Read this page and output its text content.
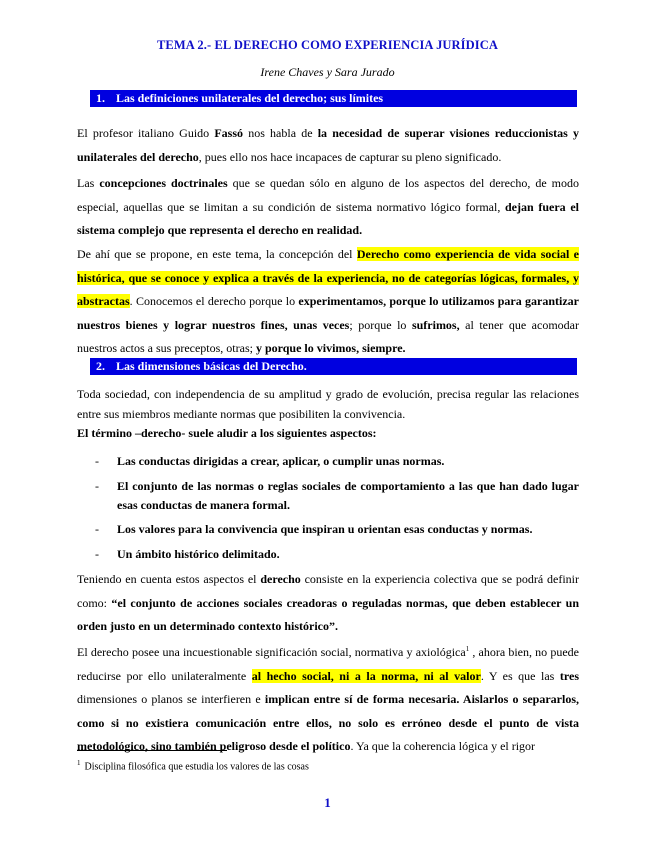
TEMA 2.- EL DERECHO COMO EXPERIENCIA JURÍDICA
Irene Chaves y Sara Jurado
1. Las definiciones unilaterales del derecho; sus límites

El profesor italiano Guido Fassó nos habla de la necesidad de superar visiones reduccionistas y unilaterales del derecho, pues ello nos hace incapaces de capturar su pleno significado.

Las concepciones doctrinales que se quedan sólo en alguno de los aspectos del derecho, de modo especial, aquellas que se limitan a su condición de sistema normativo lógico formal, dejan fuera el sistema complejo que representa el derecho en realidad.

De ahí que se propone, en este tema, la concepción del Derecho como experiencia de vida social e histórica, que se conoce y explica a través de la experiencia, no de categorías lógicas, formales, y abstractas. Conocemos el derecho porque lo experimentamos, porque lo utilizamos para garantizar nuestros bienes y lograr nuestros fines, unas veces; porque lo sufrimos, al tener que acomodar nuestros actos a sus preceptos, otras; y porque lo vivimos, siempre.

2. Las dimensiones básicas del Derecho.

Toda sociedad, con independencia de su amplitud y grado de evolución, precisa regular las relaciones entre sus miembros mediante normas que posibiliten la convivencia.

El término –derecho- suele aludir a los siguientes aspectos:

- Las conductas dirigidas a crear, aplicar, o cumplir unas normas.
- El conjunto de las normas o reglas sociales de comportamiento a las que han dado lugar esas conductas de manera formal.
- Los valores para la convivencia que inspiran u orientan esas conductas y normas.
- Un ámbito histórico delimitado.

Teniendo en cuenta estos aspectos el derecho consiste en la experiencia colectiva que se podrá definir como: “el conjunto de acciones sociales creadoras o reguladas normas, que deben establecer un orden justo en un determinado contexto histórico”.

El derecho posee una incuestionable significación social, normativa y axiológica$^1$ , ahora bien, no puede reducirse por ello unilateralmente al hecho social, ni a la norma, ni al valor. Y es que las tres dimensiones o planos se interfieren e implican entre sí de forma necesaria. Aislarlos o separarlos, como si no existiera comunicación entre ellos, no solo es erróneo desde el punto de vista metodológico, sino también peligroso desde el político. Ya que la coherencia lógica y el rigor

$^1$ Disciplina filosófica que estudia los valores de las cosas
1
